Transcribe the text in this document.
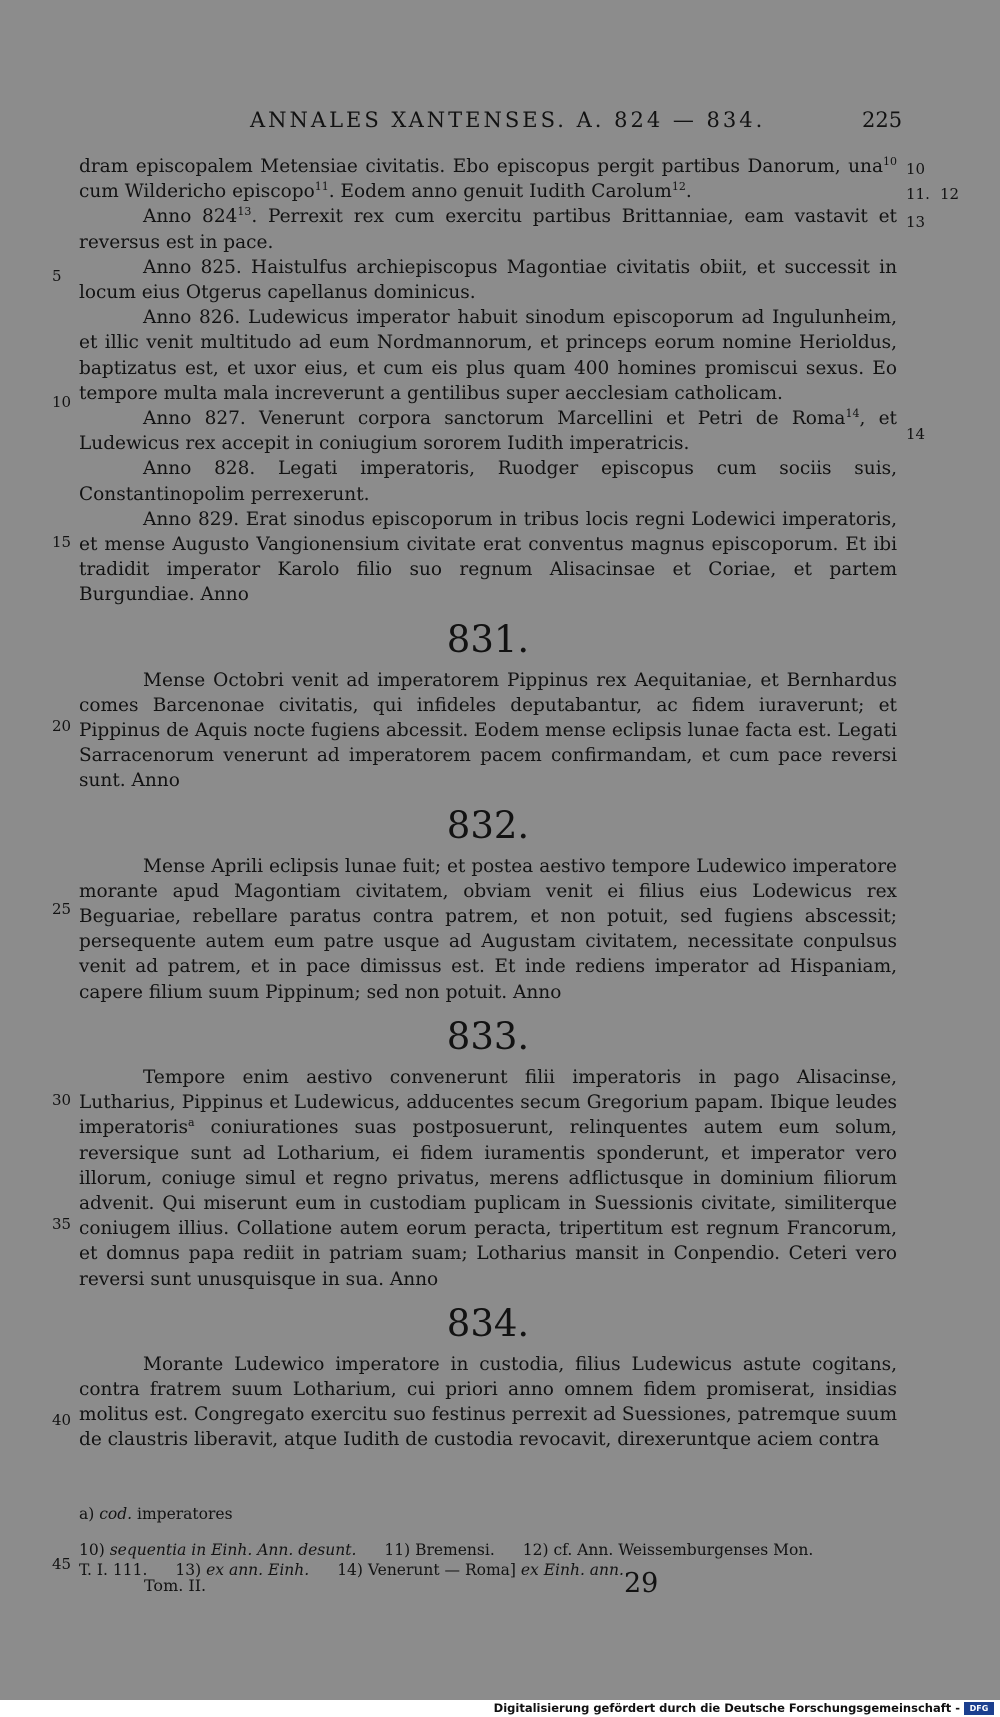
ANNALES XANTENSES. A. 824 — 834.	225
5
10
15
20
25
30
35
40
45
10
11. 12
13
14

dram episcopalem Metensiae civitatis. Ebo episcopus pergit partibus Danorum, una$^{10}$ cum Wildericho episcopo$^{11}$. Eodem anno genuit Iudith Carolum$^{12}$.

Anno $824^{13}$. Perrexit rex cum exercitu partibus Brittanniae, eam vastavit et reversus est in pace.

Anno 825. Haistulfus archiepiscopus Magontiae civitatis obiit, et successit in locum eius Otgerus capellanus dominicus.

Anno 826. Ludewicus imperator habuit sinodum episcoporum ad Ingulunheim, et illic venit multitudo ad eum Nordmannorum, et princeps eorum nomine Herioldus, baptizatus est, et uxor eius, et cum eis plus quam 400 homines promiscui sexus. Eo tempore multa mala increverunt a gentilibus super aecclesiam catholicam.

Anno 827. Venerunt corpora sanctorum Marcellini et Petri de Roma$^{14}$, et Ludewicus rex accepit in coniugium sororem Iudith imperatricis.

Anno 828. Legati imperatoris, Ruodger episcopus cum sociis suis, Constantinopolim perrexerunt.

Anno 829. Erat sinodus episcoporum in tribus locis regni Lodewici imperatoris, et mense Augusto Vangionensium civitate erat conventus magnus episcoporum. Et ibi tradidit imperator Karolo filio suo regnum Alisacinsae et Coriae, et partem Burgundiae. Anno

831.

Mense Octobri venit ad imperatorem Pippinus rex Aequitaniae, et Bernhardus comes Barcenonae civitatis, qui infideles deputabantur, ac fidem iuraverunt; et Pippinus de Aquis nocte fugiens abcessit. Eodem mense eclipsis lunae facta est. Legati Sarracenorum venerunt ad imperatorem pacem confirmandam, et cum pace reversi sunt. Anno

832.

Mense Aprili eclipsis lunae fuit; et postea aestivo tempore Ludewico imperatore morante apud Magontiam civitatem, obviam venit ei filius eius Lodewicus rex Beguariae, rebellare paratus contra patrem, et non potuit, sed fugiens abscessit; persequente autem eum patre usque ad Augustam civitatem, necessitate conpulsus venit ad patrem, et in pace dimissus est. Et inde rediens imperator ad Hispaniam, capere filium suum Pippinum; sed non potuit. Anno

833.

Tempore enim aestivo convenerunt filii imperatoris in pago Alisacinse, Lutharius, Pippinus et Ludewicus, adducentes secum Gregorium papam. Ibique leudes imperatoris$^a$ coniurationes suas postposuerunt, relinquentes autem eum solum, reversique sunt ad Lotharium, ei fidem iuramentis sponderunt, et imperator vero illorum, coniuge simul et regno privatus, merens adflictusque in dominium filiorum advenit. Qui miserunt eum in custodiam puplicam in Suessionis civitate, similiterque coniugem illius. Collatione autem eorum peracta, tripertitum est regnum Francorum, et domnus papa rediit in patriam suam; Lotharius mansit in Conpendio. Ceteri vero reversi sunt unusquisque in sua. Anno

834.

Morante Ludewico imperatore in custodia, filius Ludewicus astute cogitans, contra fratrem suum Lotharium, cui priori anno omnem fidem promiserat, insidias molitus est. Congregato exercitu suo festinus perrexit ad Suessiones, patremque suum de claustris liberavit, atque Iudith de custodia revocavit, direxeruntque aciem contra

a) cod. imperatores

10) sequentia in Einh. Ann. desunt. 11) Bremensi. 12) cf. Ann. Weissemburgenses Mon.

T. I. 111. 13) ex ann. Einh. 14) Venerunt — Roma] ex Einh. ann.

Tom. II.	29
Digitalisierung gefördert durch die Deutsche Forschungsgemeinschaft -	DFG
